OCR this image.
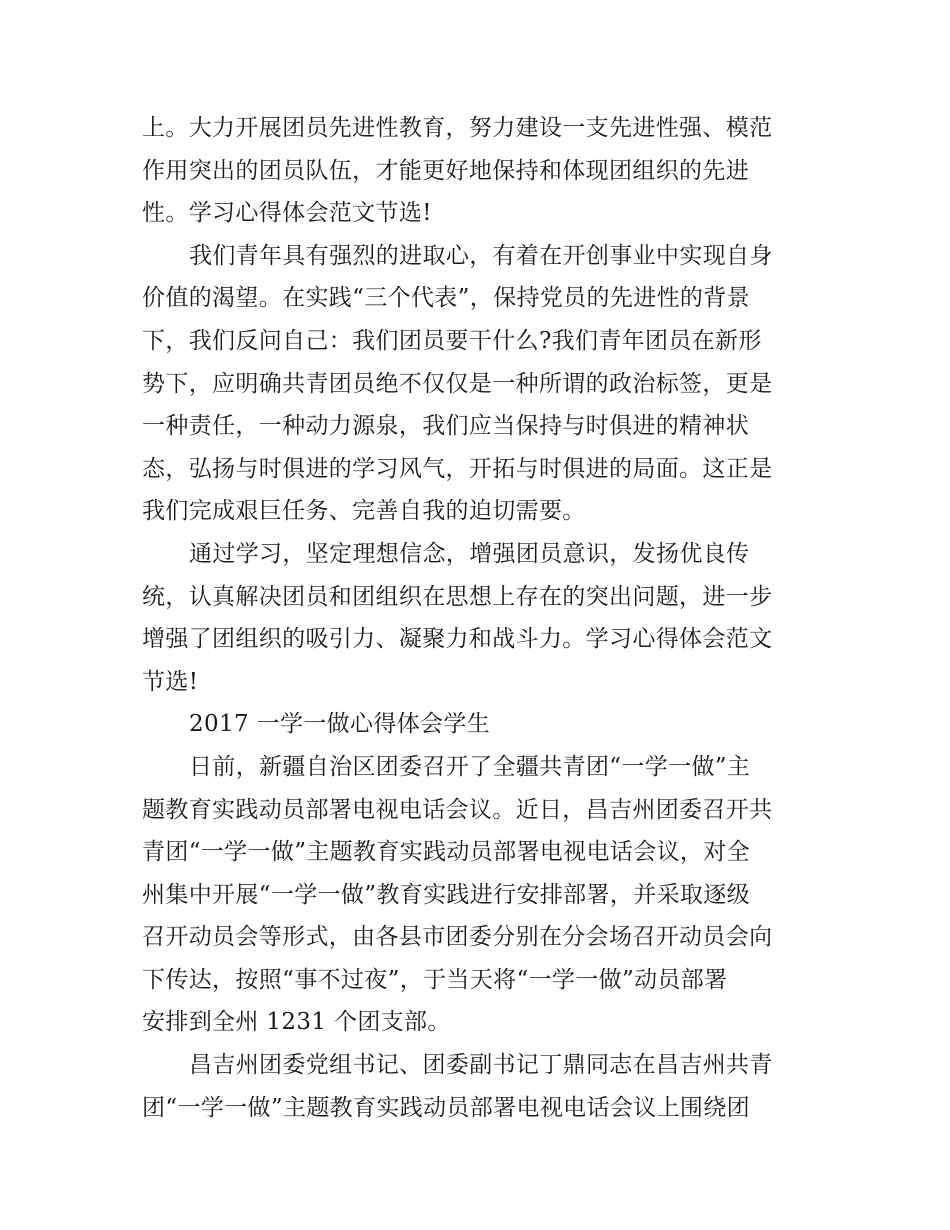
上。大力开展团员先进性教育，努力建设一支先进性强、模范
作用突出的团员队伍，才能更好地保持和体现团组织的先进
性。学习心得体会范文节选!

我们青年具有强烈的进取心，有着在开创事业中实现自身
价值的渴望。在实践“三个代表”，保持党员的先进性的背景
下，我们反问自己：我们团员要干什么?我们青年团员在新形
势下，应明确共青团员绝不仅仅是一种所谓的政治标签，更是
一种责任，一种动力源泉，我们应当保持与时俱进的精神状
态，弘扬与时俱进的学习风气，开拓与时俱进的局面。这正是
我们完成艰巨任务、完善自我的迫切需要。

通过学习，坚定理想信念，增强团员意识，发扬优良传
统，认真解决团员和团组织在思想上存在的突出问题，进一步
增强了团组织的吸引力、凝聚力和战斗力。学习心得体会范文
节选!

2017 一学一做心得体会学生

日前，新疆自治区团委召开了全疆共青团“一学一做”主
题教育实践动员部署电视电话会议。近日，昌吉州团委召开共
青团“一学一做”主题教育实践动员部署电视电话会议，对全
州集中开展“一学一做”教育实践进行安排部署，并采取逐级
召开动员会等形式，由各县市团委分别在分会场召开动员会向
下传达，按照“事不过夜”，于当天将“一学一做”动员部署
安排到全州 1231 个团支部。

昌吉州团委党组书记、团委副书记丁鼎同志在昌吉州共青
团“一学一做”主题教育实践动员部署电视电话会议上围绕团
